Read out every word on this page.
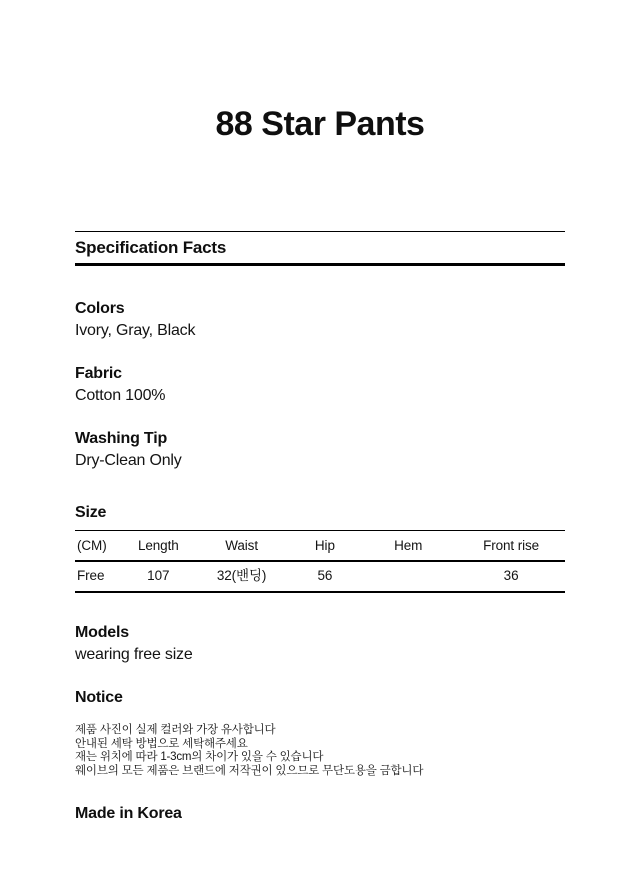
88 Star Pants
Specification Facts
Colors
Ivory, Gray, Black
Fabric
Cotton 100%
Washing Tip
Dry-Clean Only
Size
(CM)	Length	Waist	Hip	Hem	Front rise
Free	107	32(밴딩)	56		36
Models
wearing free size
Notice
제품 사진이 실제 컬러와 가장 유사합니다
안내된 세탁 방법으로 세탁해주세요
재는 위치에 따라 1-3cm의 차이가 있을 수 있습니다
웨이브의 모든 제품은 브랜드에 저작권이 있으므로 무단도용을 금합니다
Made in Korea
